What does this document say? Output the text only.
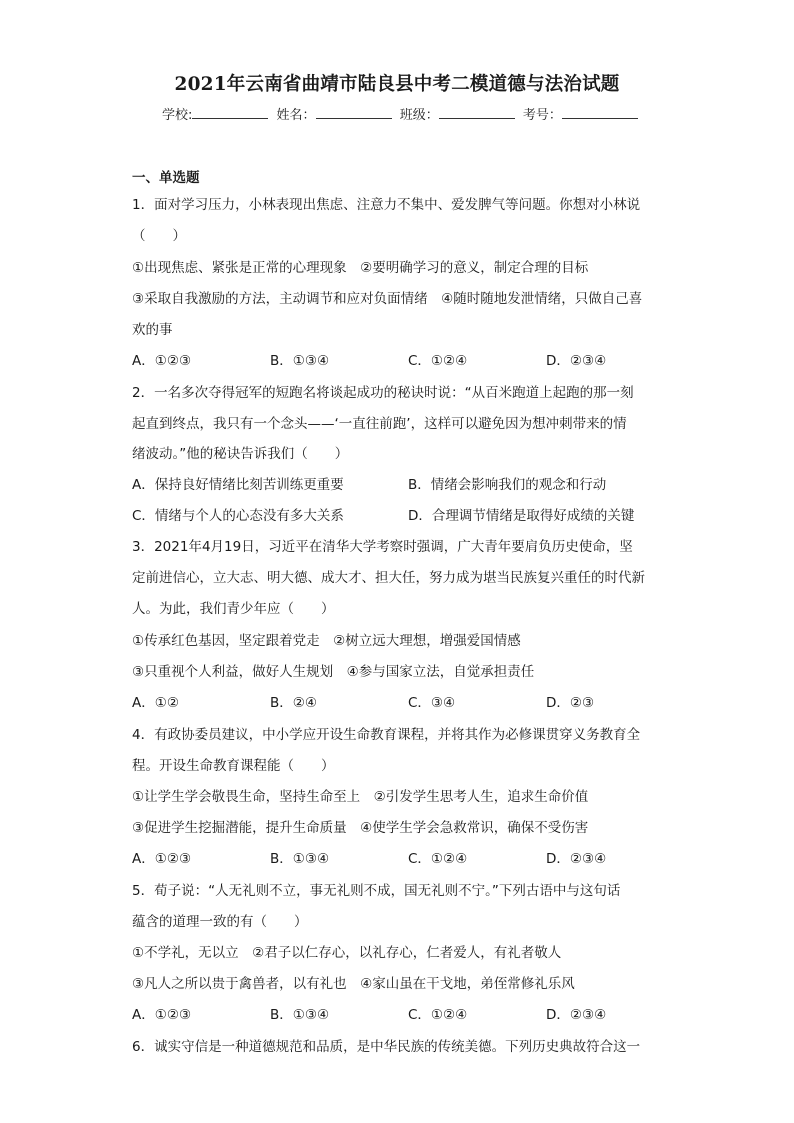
2021年云南省曲靖市陆良县中考二模道德与法治试题
学校:	姓名：	班级：	考号：
一、单选题
1．面对学习压力，小林表现出焦虑、注意力不集中、爱发脾气等问题。你想对小林说
（　　）
①出现焦虑、紧张是正常的心理现象　②要明确学习的意义，制定合理的目标
③采取自我激励的方法，主动调节和应对负面情绪　④随时随地发泄情绪，只做自己喜
欢的事
A．①②③	B．①③④	C．①②④	D．②③④
2．一名多次夺得冠军的短跑名将谈起成功的秘诀时说：“从百米跑道上起跑的那一刻
起直到终点，我只有一个念头——‘一直往前跑’，这样可以避免因为想冲刺带来的情
绪波动。”他的秘诀告诉我们（　　）
A．保持良好情绪比刻苦训练更重要	B．情绪会影响我们的观念和行动
C．情绪与个人的心态没有多大关系	D．合理调节情绪是取得好成绩的关键
3．2021年4月19日，习近平在清华大学考察时强调，广大青年要肩负历史使命，坚
定前进信心，立大志、明大德、成大才、担大任，努力成为堪当民族复兴重任的时代新
人。为此，我们青少年应（　　）
①传承红色基因，坚定跟着党走　②树立远大理想，增强爱国情感
③只重视个人利益，做好人生规划　④参与国家立法，自觉承担责任
A．①②	B．②④	C．③④	D．②③
4．有政协委员建议，中小学应开设生命教育课程，并将其作为必修课贯穿义务教育全
程。开设生命教育课程能（　　）
①让学生学会敬畏生命，坚持生命至上　②引发学生思考人生，追求生命价值
③促进学生挖掘潜能，提升生命质量　④使学生学会急救常识，确保不受伤害
A．①②③	B．①③④	C．①②④	D．②③④
5．荀子说：“人无礼则不立，事无礼则不成，国无礼则不宁。”下列古语中与这句话
蕴含的道理一致的有（　　）
①不学礼，无以立　②君子以仁存心，以礼存心，仁者爱人，有礼者敬人
③凡人之所以贵于禽兽者，以有礼也　④家山虽在干戈地，弟侄常修礼乐风
A．①②③	B．①③④	C．①②④	D．②③④
6．诚实守信是一种道德规范和品质，是中华民族的传统美德。下列历史典故符合这一
